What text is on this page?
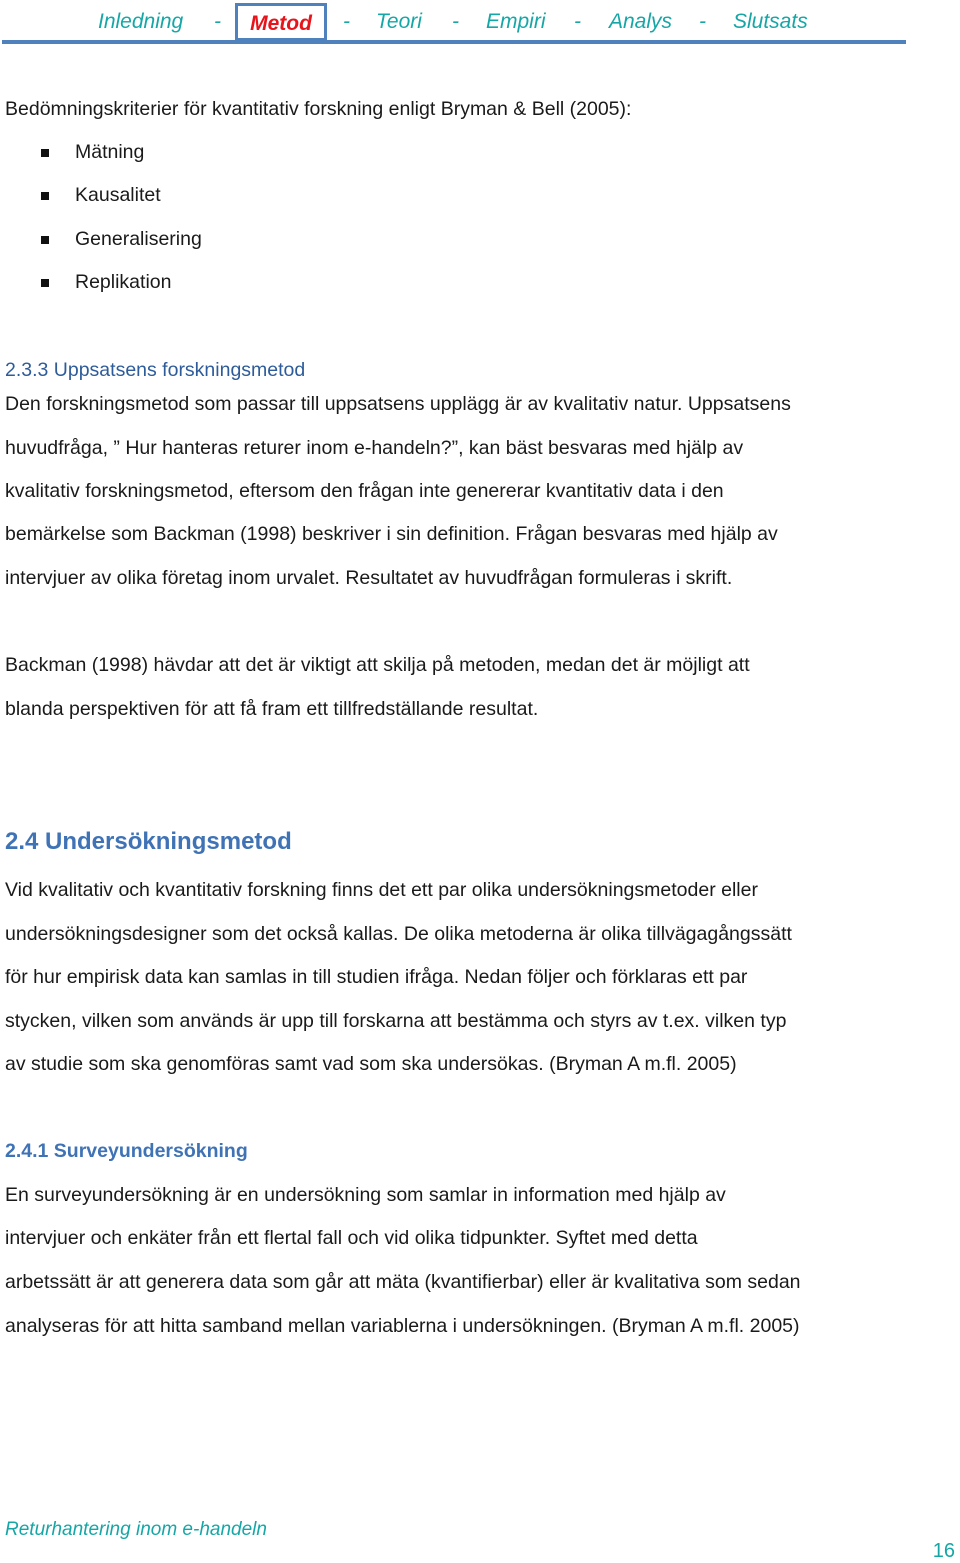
Inledning -	Metod	- Teori - Empiri - Analys - Slutsats
Bedömningskriterier för kvantitativ forskning enligt Bryman & Bell (2005):
Mätning
Kausalitet
Generalisering
Replikation
2.3.3 Uppsatsens forskningsmetod
Den forskningsmetod som passar till uppsatsens upplägg är av kvalitativ natur. Uppsatsens
huvudfråga, ” Hur hanteras returer inom e-handeln?”, kan bäst besvaras med hjälp av
kvalitativ forskningsmetod, eftersom den frågan inte genererar kvantitativ data i den
bemärkelse som Backman (1998) beskriver i sin definition. Frågan besvaras med hjälp av
intervjuer av olika företag inom urvalet. Resultatet av huvudfrågan formuleras i skrift.
Backman (1998) hävdar att det är viktigt att skilja på metoden, medan det är möjligt att
blanda perspektiven för att få fram ett tillfredställande resultat.
2.4 Undersökningsmetod
Vid kvalitativ och kvantitativ forskning finns det ett par olika undersökningsmetoder eller
undersökningsdesigner som det också kallas. De olika metoderna är olika tillvägagångssätt
för hur empirisk data kan samlas in till studien ifråga. Nedan följer och förklaras ett par
stycken, vilken som används är upp till forskarna att bestämma och styrs av t.ex. vilken typ
av studie som ska genomföras samt vad som ska undersökas. (Bryman A m.fl. 2005)
2.4.1 Surveyundersökning
En surveyundersökning är en undersökning som samlar in information med hjälp av
intervjuer och enkäter från ett flertal fall och vid olika tidpunkter. Syftet med detta
arbetssätt är att generera data som går att mäta (kvantifierbar) eller är kvalitativa som sedan
analyseras för att hitta samband mellan variablerna i undersökningen. (Bryman A m.fl. 2005)
Returhantering inom e-handeln
16
